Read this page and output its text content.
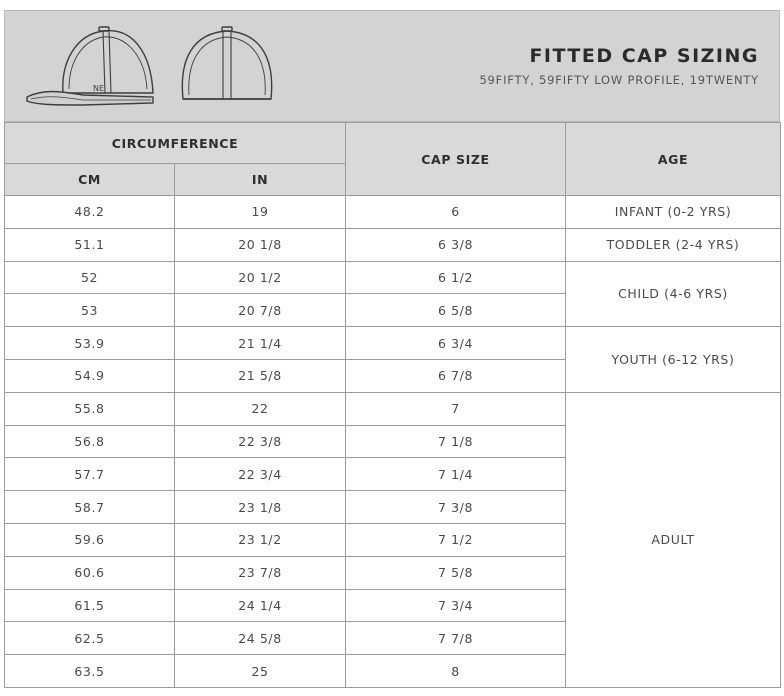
NE
FITTED CAP SIZING
59FIFTY, 59FIFTY LOW PROFILE, 19TWENTY
CIRCUMFERENCE		CAP SIZE	AGE
CM	IN		
48.2	19	6	INFANT (0-2 YRS)
51.1	20 1/8	6 3/8	TODDLER (2-4 YRS)
52	20 1/2	6 1/2	CHILD (4-6 YRS)
53	20 7/8	6 5/8	
53.9	21 1/4	6 3/4	YOUTH (6-12 YRS)
54.9	21 5/8	6 7/8	
55.8	22	7	ADULT
56.8	22 3/8	7 1/8	
57.7	22 3/4	7 1/4	
58.7	23 1/8	7 3/8	
59.6	23 1/2	7 1/2	
60.6	23 7/8	7 5/8	
61.5	24 1/4	7 3/4	
62.5	24 5/8	7 7/8	
63.5	25	8	
